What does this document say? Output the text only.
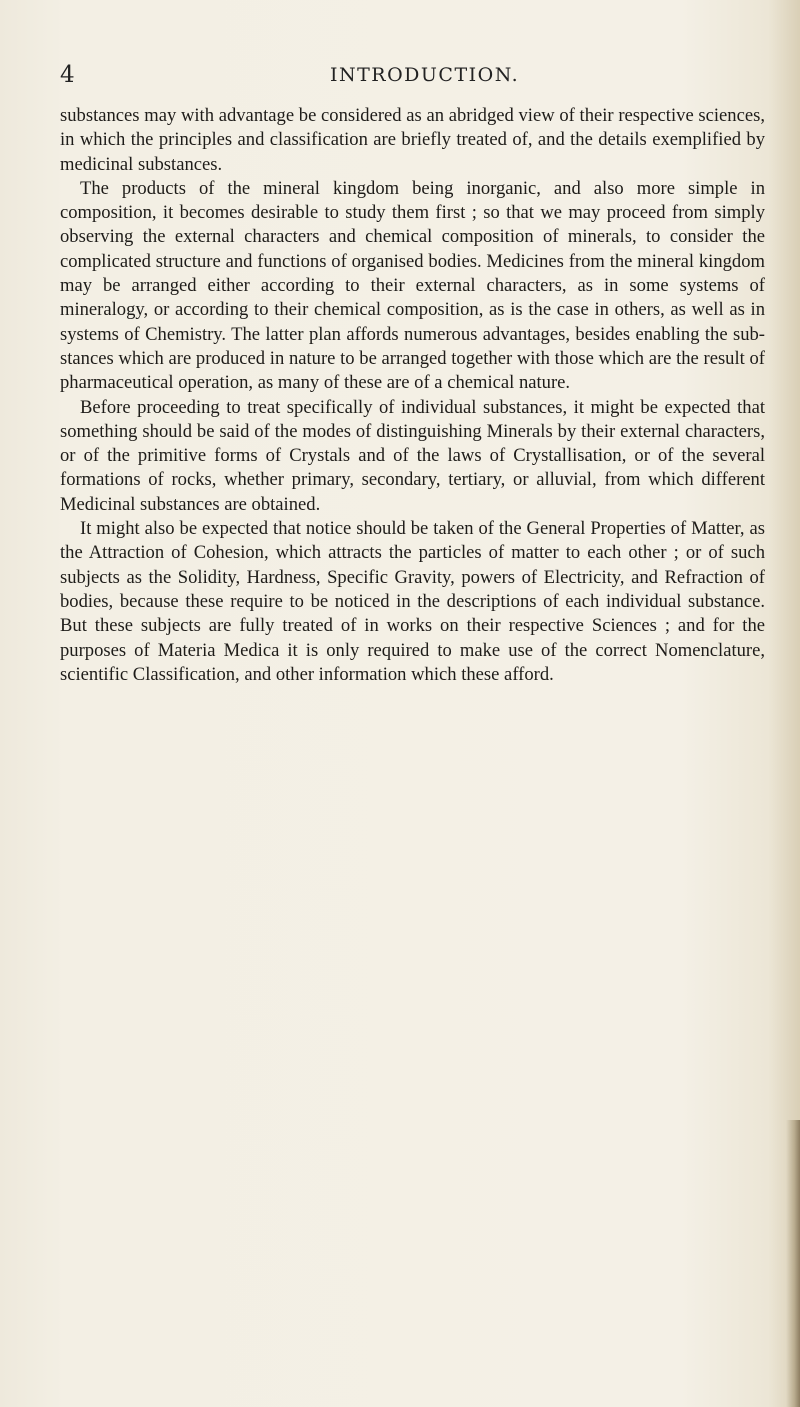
4	INTRODUCTION.

substances may with advantage be considered as an abridged view of their respective sciences, in which the principles and classification are briefly treated of, and the details exemplified by medicinal substances.

The products of the mineral kingdom being inorganic, and also more simple in composition, it becomes desirable to study them first ; so that we may proceed from simply observing the external characters and chemical composition of minerals, to consider the complicated structure and functions of organised bodies. Medicines from the mineral kingdom may be arranged either according to their external characters, as in some systems of mineralogy, or according to their chemical composition, as is the case in others, as well as in systems of Chemistry. The latter plan affords numerous advantages, besides enabling the sub- stances which are produced in nature to be arranged together with those which are the result of pharmaceutical operation, as many of these are of a chemical nature.

Before proceeding to treat specifically of individual substances, it might be expected that something should be said of the modes of distinguishing Minerals by their external characters, or of the primitive forms of Crystals and of the laws of Crystallisation, or of the several formations of rocks, whether primary, secondary, tertiary, or alluvial, from which different Medicinal substances are obtained.

It might also be expected that notice should be taken of the General Properties of Matter, as the Attraction of Cohesion, which attracts the particles of matter to each other ; or of such subjects as the Solidity, Hardness, Specific Gravity, powers of Electricity, and Refraction of bodies, because these require to be noticed in the descriptions of each individual substance. But these subjects are fully treated of in works on their respective Sciences ; and for the purposes of Materia Medica it is only required to make use of the correct Nomenclature, scientific Classification, and other information which these afford.
